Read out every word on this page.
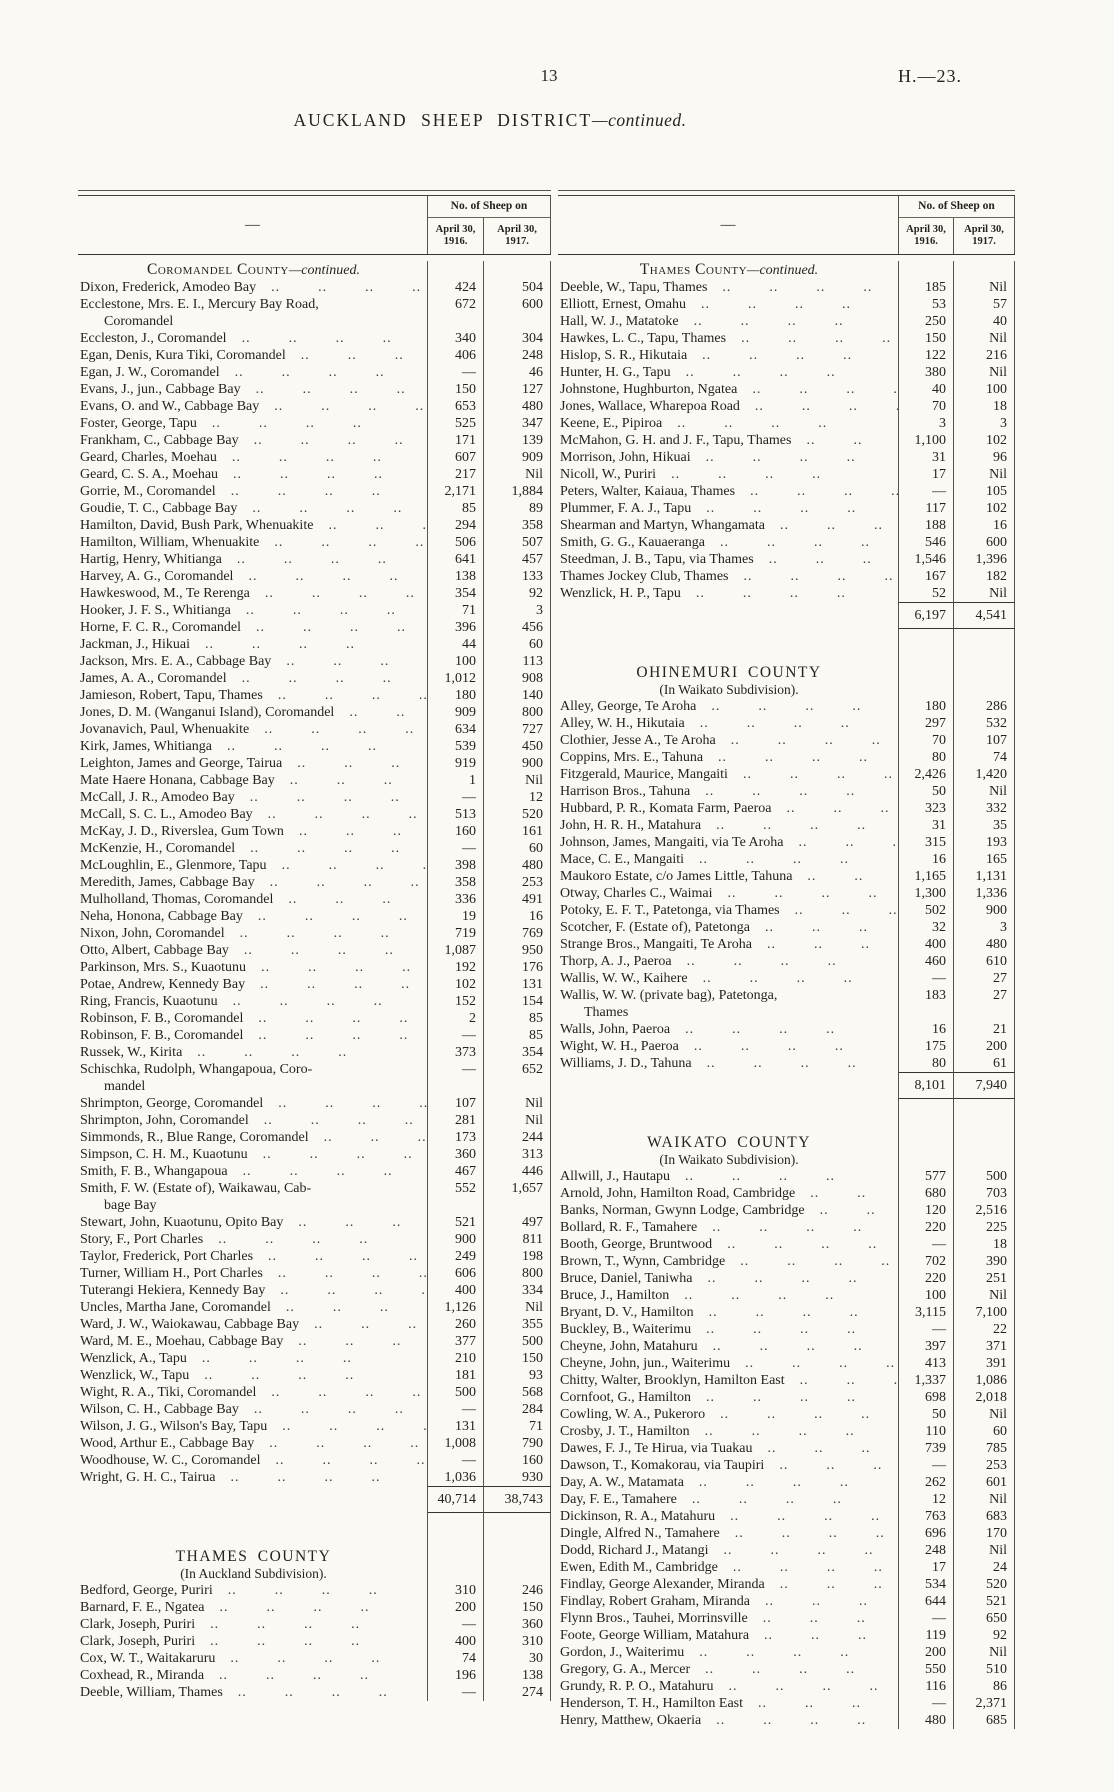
13	H.—23.
AUCKLAND SHEEP DISTRICT—continued.
—
No. of Sheep on
April 30, 1916.
April 30, 1917.
Coromandel County—continued.
Dixon, Frederick, Amodeo Bay ..   	424	504
Ecclestone, Mrs. E. I., Mercury Bay Road,
Coromandel
672	600
Eccleston, J., Coromandel ..   	340	304
Egan, Denis, Kura Tiki, Coromandel ..   	406	248
Egan, J. W., Coromandel ..   	—	46
Evans, J., jun., Cabbage Bay ..   	150	127
Evans, O. and W., Cabbage Bay ..   	653	480
Foster, George, Tapu ..   	525	347
Frankham, C., Cabbage Bay ..   	171	139
Geard, Charles, Moehau ..   	607	909
Geard, C. S. A., Moehau ..   	217	Nil
Gorrie, M., Coromandel ..   	2,171	1,884
Goudie, T. C., Cabbage Bay ..   	85	89
Hamilton, David, Bush Park, Whenuakite ..   	294	358
Hamilton, William, Whenuakite ..   	506	507
Hartig, Henry, Whitianga ..   	641	457
Harvey, A. G., Coromandel ..   	138	133
Hawkeswood, M., Te Rerenga ..   	354	92
Hooker, J. F. S., Whitianga ..   	71	3
Horne, F. C. R., Coromandel ..   	396	456
Jackman, J., Hikuai ..   	44	60
Jackson, Mrs. E. A., Cabbage Bay ..   	100	113
James, A. A., Coromandel ..   	1,012	908
Jamieson, Robert, Tapu, Thames ..   	180	140
Jones, D. M. (Wanganui Island), Coromandel ..   	909	800
Jovanavich, Paul, Whenuakite ..   	634	727
Kirk, James, Whitianga ..   	539	450
Leighton, James and George, Tairua ..   	919	900
Mate Haere Honana, Cabbage Bay ..   	1	Nil
McCall, J. R., Amodeo Bay ..   	—	12
McCall, S. C. L., Amodeo Bay ..   	513	520
McKay, J. D., Riverslea, Gum Town ..   	160	161
McKenzie, H., Coromandel ..   	—	60
McLoughlin, E., Glenmore, Tapu ..   	398	480
Meredith, James, Cabbage Bay ..   	358	253
Mulholland, Thomas, Coromandel ..   	336	491
Neha, Honona, Cabbage Bay ..   	19	16
Nixon, John, Coromandel ..   	719	769
Otto, Albert, Cabbage Bay ..   	1,087	950
Parkinson, Mrs. S., Kuaotunu ..   	192	176
Potae, Andrew, Kennedy Bay ..   	102	131
Ring, Francis, Kuaotunu ..   	152	154
Robinson, F. B., Coromandel ..   	2	85
Robinson, F. B., Coromandel ..   	—	85
Russek, W., Kirita ..   	373	354
Schischka, Rudolph, Whangapoua, Coro-
mandel
—	652
Shrimpton, George, Coromandel ..   	107	Nil
Shrimpton, John, Coromandel ..   	281	Nil
Simmonds, R., Blue Range, Coromandel ..   	173	244
Simpson, C. H. M., Kuaotunu ..   	360	313
Smith, F. B., Whangapoua ..   	467	446
Smith, F. W. (Estate of), Waikawau, Cab-
bage Bay
552	1,657
Stewart, John, Kuaotunu, Opito Bay ..   	521	497
Story, F., Port Charles ..   	900	811
Taylor, Frederick, Port Charles ..   	249	198
Turner, William H., Port Charles ..   	606	800
Tuterangi Hekiera, Kennedy Bay ..   	400	334
Uncles, Martha Jane, Coromandel ..   	1,126	Nil
Ward, J. W., Waiokawau, Cabbage Bay ..   	260	355
Ward, M. E., Moehau, Cabbage Bay ..   	377	500
Wenzlick, A., Tapu ..   	210	150
Wenzlick, W., Tapu ..   	181	93
Wight, R. A., Tiki, Coromandel ..   	500	568
Wilson, C. H., Cabbage Bay ..   	—	284
Wilson, J. G., Wilson's Bay, Tapu ..   	131	71
Wood, Arthur E., Cabbage Bay ..   	1,008	790
Woodhouse, W. C., Coromandel ..   	—	160
Wright, G. H. C., Tairua ..   	1,036	930
40,714	38,743
THAMES COUNTY
(In Auckland Subdivision).
Bedford, George, Puriri ..   	310	246
Barnard, F. E., Ngatea ..   	200	150
Clark, Joseph, Puriri ..   	—	360
Clark, Joseph, Puriri ..   	400	310
Cox, W. T., Waitakaruru ..   	74	30
Coxhead, R., Miranda ..   	196	138
Deeble, William, Thames ..   	—	274
—
No. of Sheep on
April 30, 1916.
April 30, 1917.
Thames County—continued.
Deeble, W., Tapu, Thames ..   	185	Nil
Elliott, Ernest, Omahu ..   	53	57
Hall, W. J., Matatoke ..   	250	40
Hawkes, L. C., Tapu, Thames ..   	150	Nil
Hislop, S. R., Hikutaia ..   	122	216
Hunter, H. G., Tapu ..   	380	Nil
Johnstone, Hughburton, Ngatea ..   	40	100
Jones, Wallace, Wharepoa Road ..   	70	18
Keene, E., Pipiroa ..   	3	3
McMahon, G. H. and J. F., Tapu, Thames ..   	1,100	102
Morrison, John, Hikuai ..   	31	96
Nicoll, W., Puriri ..   	17	Nil
Peters, Walter, Kaiaua, Thames ..   	—	105
Plummer, F. A. J., Tapu ..   	117	102
Shearman and Martyn, Whangamata ..   	188	16
Smith, G. G., Kauaeranga ..   	546	600
Steedman, J. B., Tapu, via Thames ..   	1,546	1,396
Thames Jockey Club, Thames ..   	167	182
Wenzlick, H. P., Tapu ..   	52	Nil
6,197	4,541
OHINEMURI COUNTY
(In Waikato Subdivision).
Alley, George, Te Aroha ..   	180	286
Alley, W. H., Hikutaia ..   	297	532
Clothier, Jesse A., Te Aroha ..   	70	107
Coppins, Mrs. E., Tahuna ..   	80	74
Fitzgerald, Maurice, Mangaiti ..   	2,426	1,420
Harrison Bros., Tahuna ..   	50	Nil
Hubbard, P. R., Komata Farm, Paeroa ..   	323	332
John, H. R. H., Matahura ..   	31	35
Johnson, James, Mangaiti, via Te Aroha ..   	315	193
Mace, C. E., Mangaiti ..   	16	165
Maukoro Estate, c/o James Little, Tahuna ..   	1,165	1,131
Otway, Charles C., Waimai ..   	1,300	1,336
Potoky, E. F. T., Patetonga, via Thames ..   	502	900
Scotcher, F. (Estate of), Patetonga ..   	32	3
Strange Bros., Mangaiti, Te Aroha ..   	400	480
Thorp, A. J., Paeroa ..   	460	610
Wallis, W. W., Kaihere ..   	—	27
Wallis, W. W. (private bag), Patetonga,
Thames
183	27
Walls, John, Paeroa ..   	16	21
Wight, W. H., Paeroa ..   	175	200
Williams, J. D., Tahuna ..   	80	61
8,101	7,940
WAIKATO COUNTY
(In Waikato Subdivision).
Allwill, J., Hautapu ..   	577	500
Arnold, John, Hamilton Road, Cambridge ..   	680	703
Banks, Norman, Gwynn Lodge, Cambridge ..   	120	2,516
Bollard, R. F., Tamahere ..   	220	225
Booth, George, Bruntwood ..   	—	18
Brown, T., Wynn, Cambridge ..   	702	390
Bruce, Daniel, Taniwha ..   	220	251
Bruce, J., Hamilton ..   	100	Nil
Bryant, D. V., Hamilton ..   	3,115	7,100
Buckley, B., Waiterimu ..   	—	22
Cheyne, John, Matahuru ..   	397	371
Cheyne, John, jun., Waiterimu ..   	413	391
Chitty, Walter, Brooklyn, Hamilton East ..   	1,337	1,086
Cornfoot, G., Hamilton ..   	698	2,018
Cowling, W. A., Pukeroro ..   	50	Nil
Crosby, J. T., Hamilton ..   	110	60
Dawes, F. J., Te Hirua, via Tuakau ..   	739	785
Dawson, T., Komakorau, via Taupiri ..   	—	253
Day, A. W., Matamata ..   	262	601
Day, F. E., Tamahere ..   	12	Nil
Dickinson, R. A., Matahuru ..   	763	683
Dingle, Alfred N., Tamahere ..   	696	170
Dodd, Richard J., Matangi ..   	248	Nil
Ewen, Edith M., Cambridge ..   	17	24
Findlay, George Alexander, Miranda ..   	534	520
Findlay, Robert Graham, Miranda ..   	644	521
Flynn Bros., Tauhei, Morrinsville ..   	—	650
Foote, George William, Matahura ..   	119	92
Gordon, J., Waiterimu ..   	200	Nil
Gregory, G. A., Mercer ..   	550	510
Grundy, R. P. O., Matahuru ..   	116	86
Henderson, T. H., Hamilton East ..   	—	2,371
Henry, Matthew, Okaeria ..   	480	685
